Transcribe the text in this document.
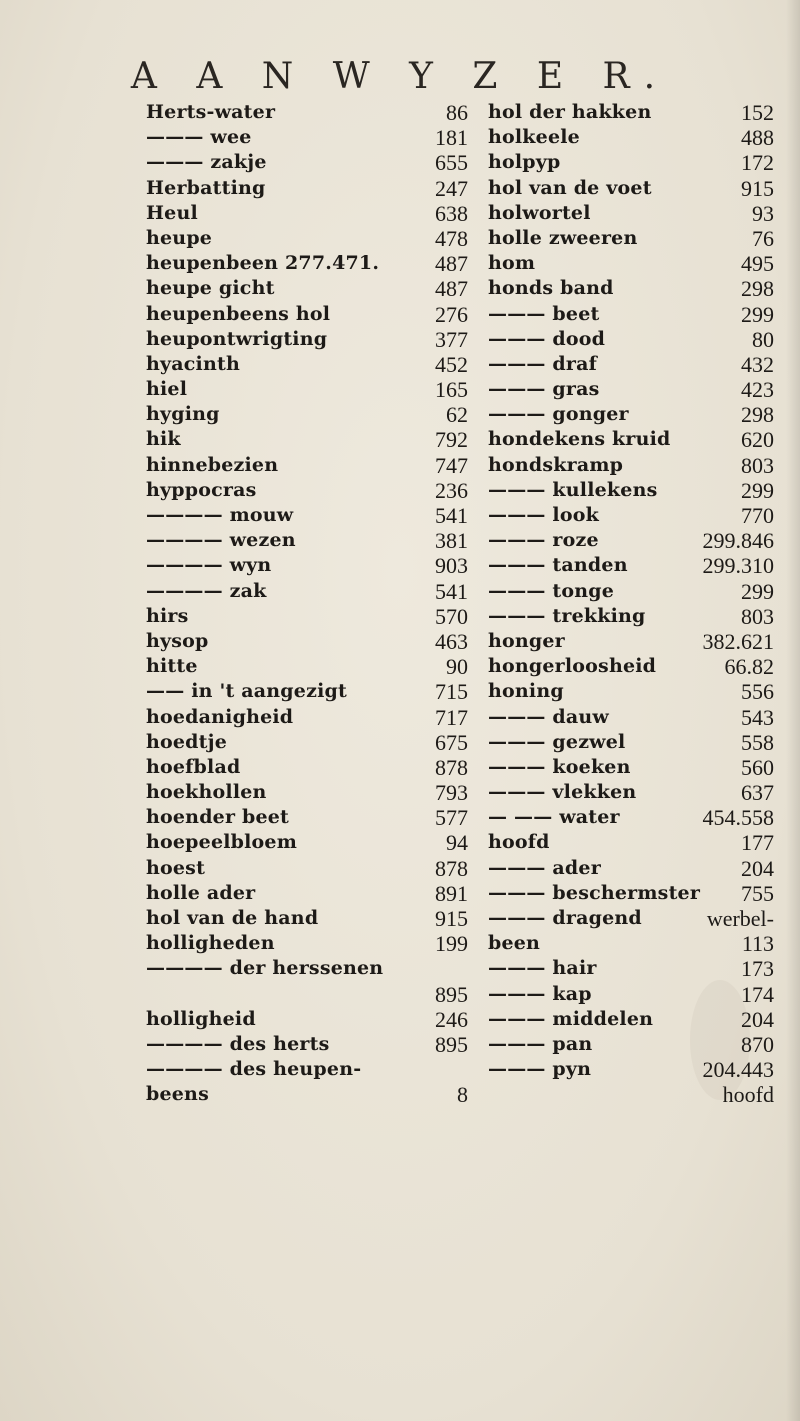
A A N W Y Z E R.
Herts-water	86
——— wee	181
——— zakje	655
Herbatting	247
Heul	638
heupe	478
heupenbeen 277.471.	487
heupe gicht	487
heupenbeens hol	276
heupontwrigting	377
hyacinth	452
hiel	165
hyging	62
hik	792
hinnebezien	747
hyppocras	236
———— mouw	541
———— wezen	381
———— wyn	903
———— zak	541
hirs	570
hysop	463
hitte	90
—— in 't aangezigt	715
hoedanigheid	717
hoedtje	675
hoefblad	878
hoekhollen	793
hoender beet	577
hoepeelbloem	94
hoest	878
holle ader	891
hol van de hand	915
holligheden	199
———— der herssenen
895
holligheid	246
———— des herts	895
———— des heupen-
beens	8
hol der hakken	152
holkeele	488
holpyp	172
hol van de voet	915
holwortel	93
holle zweeren	76
hom	495
honds band	298
——— beet	299
——— dood	80
——— draf	432
——— gras	423
——— gonger	298
hondekens kruid	620
hondskramp	803
——— kullekens	299
——— look	770
——— roze	299.846
——— tanden	299.310
——— tonge	299
——— trekking	803
honger	382.621
hongerloosheid	66.82
honing	556
——— dauw	543
——— gezwel	558
——— koeken	560
——— vlekken	637
— —— water	454.558
hoofd	177
——— ader	204
——— beschermster 755
——— dragend	werbel-
been	113
——— hair	173
——— kap	174
——— middelen	204
——— pan	870
——— pyn	204.443
hoofd
